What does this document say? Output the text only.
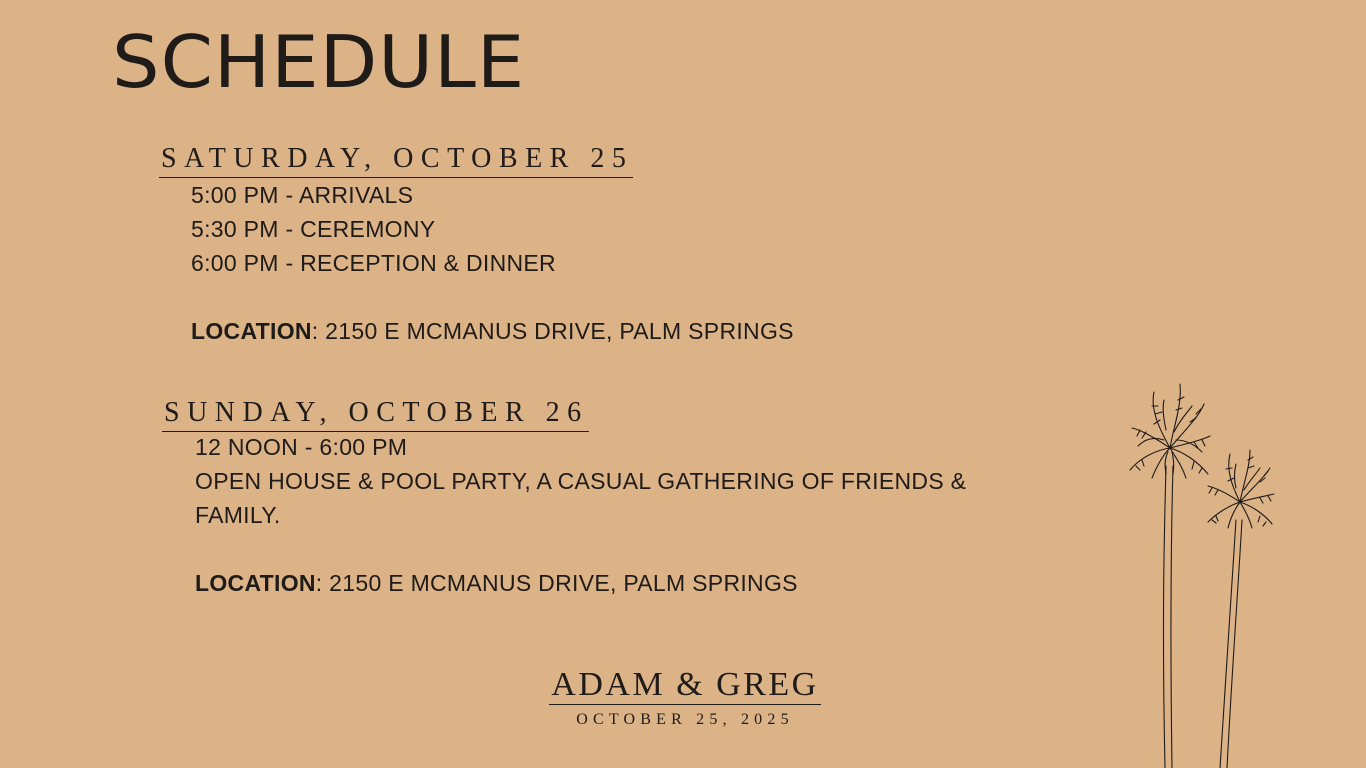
SCHEDULE
SATURDAY, OCTOBER 25
5:00 PM - ARRIVALS
5:30 PM - CEREMONY
6:00 PM - RECEPTION & DINNER
LOCATION: 2150 E MCMANUS DRIVE, PALM SPRINGS
SUNDAY, OCTOBER 26
12 NOON - 6:00 PM
OPEN HOUSE & POOL PARTY, A CASUAL GATHERING OF FRIENDS &
FAMILY.
LOCATION: 2150 E MCMANUS DRIVE, PALM SPRINGS
ADAM & GREG
OCTOBER 25, 2025
